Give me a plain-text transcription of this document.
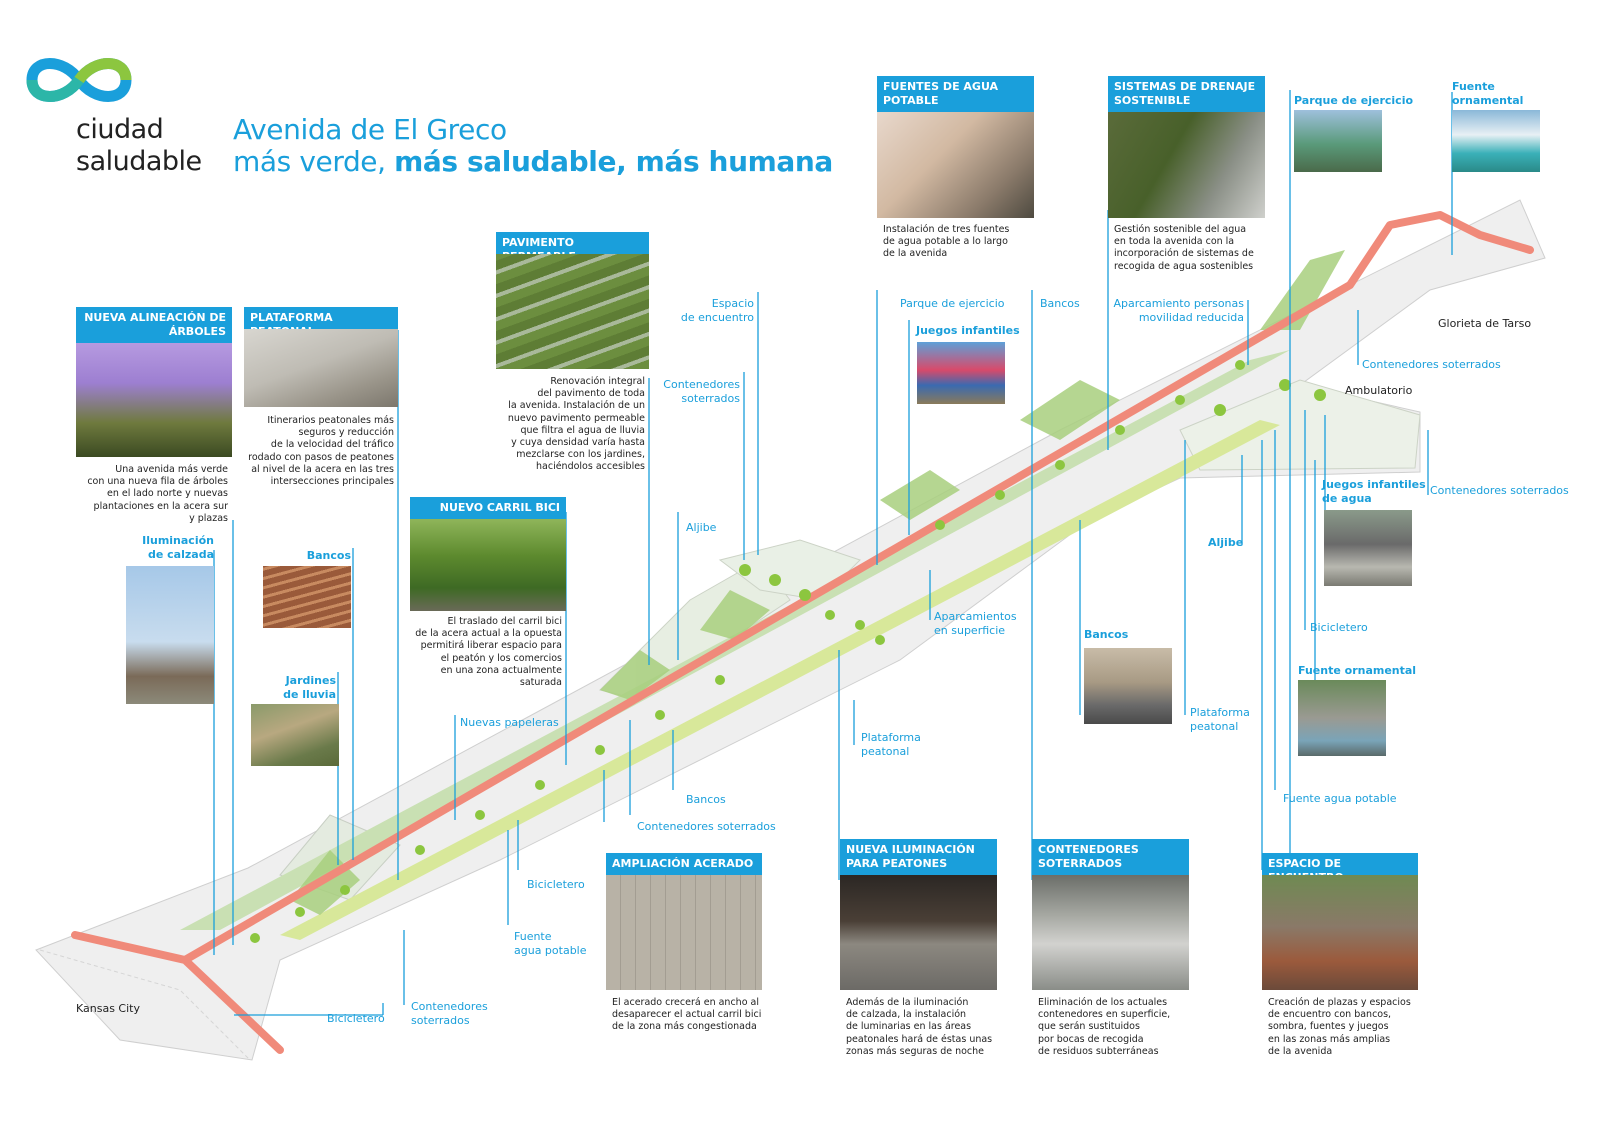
ciudad
saludable
Avenida de El Greco
más verde, más saludable, más humana
Kansas City
Glorieta de Tarso
Ambulatorio
NUEVA ALINEACIÓN DE ÁRBOLES
Una avenida más verde
con una nueva fila de árboles
en el lado norte y nuevas
plantaciones en la acera sur
y plazas
PLATAFORMA
Itinerarios peatonales más
seguros y reducción
de la velocidad del tráfico
rodado con pasos de peatones
al nivel de la acera en las tres
intersecciones principales
PAVIMENTO
Renovación integral
del pavimento de toda
la avenida. Instalación de un
nuevo pavimento permeable
que filtra el agua de lluvia
y cuya densidad varía hasta
mezclarse con los jardines,
haciéndolos accesibles
NUEVO CARRIL BICI
El traslado del carril bici
de la acera actual a la opuesta
permitirá liberar espacio para
el peatón y los comercios
en una zona actualmente
saturada
FUENTES DE AGUA POTABLE
Instalación de tres fuentes
de agua potable a lo largo
de la avenida
SISTEMAS DE DRENAJE SOSTENIBLE
Gestión sostenible del agua
en toda la avenida con la
incorporación de sistemas de
recogida de agua sostenibles
AMPLIACIÓN ACERADO
El acerado crecerá en ancho al
desaparecer el actual carril bici
de la zona más congestionada
NUEVA ILUMINACIÓN PARA PEATONES
Además de la iluminación
de calzada, la instalación
de luminarias en las áreas
peatonales hará de éstas unas
zonas más seguras de noche
CONTENEDORES SOTERRADOS
Eliminación de los actuales
contenedores en superficie,
que serán sustituidos
por bocas de recogida
de residuos subterráneas
ESPACIO DE
Creación de plazas y espacios
de encuentro con bancos,
sombra, fuentes y juegos
en las zonas más amplias
de la avenida
Iluminación
de calzada	Bancos
Jardines
de lluvia
Espacio
de encuentro
Contenedores
soterrados
Aljibe
Nuevas papeleras
Bancos
Contenedores soterrados
Bicicletero
Fuente
agua potable
Contenedores
soterrados
Bicicletero
Parque de ejercicio
Juegos infantiles
Aparcamientos
en superficie
Plataforma
peatonal
Bancos	Aparcamiento personas
movilidad reducida
Parque de ejercicio
Fuente
ornamental
Contenedores soterrados
Juegos infantiles
de agua
Contenedores soterrados
Aljibe
Bancos
Plataforma
peatonal
Bicicletero
Fuente ornamental
Fuente agua potable
